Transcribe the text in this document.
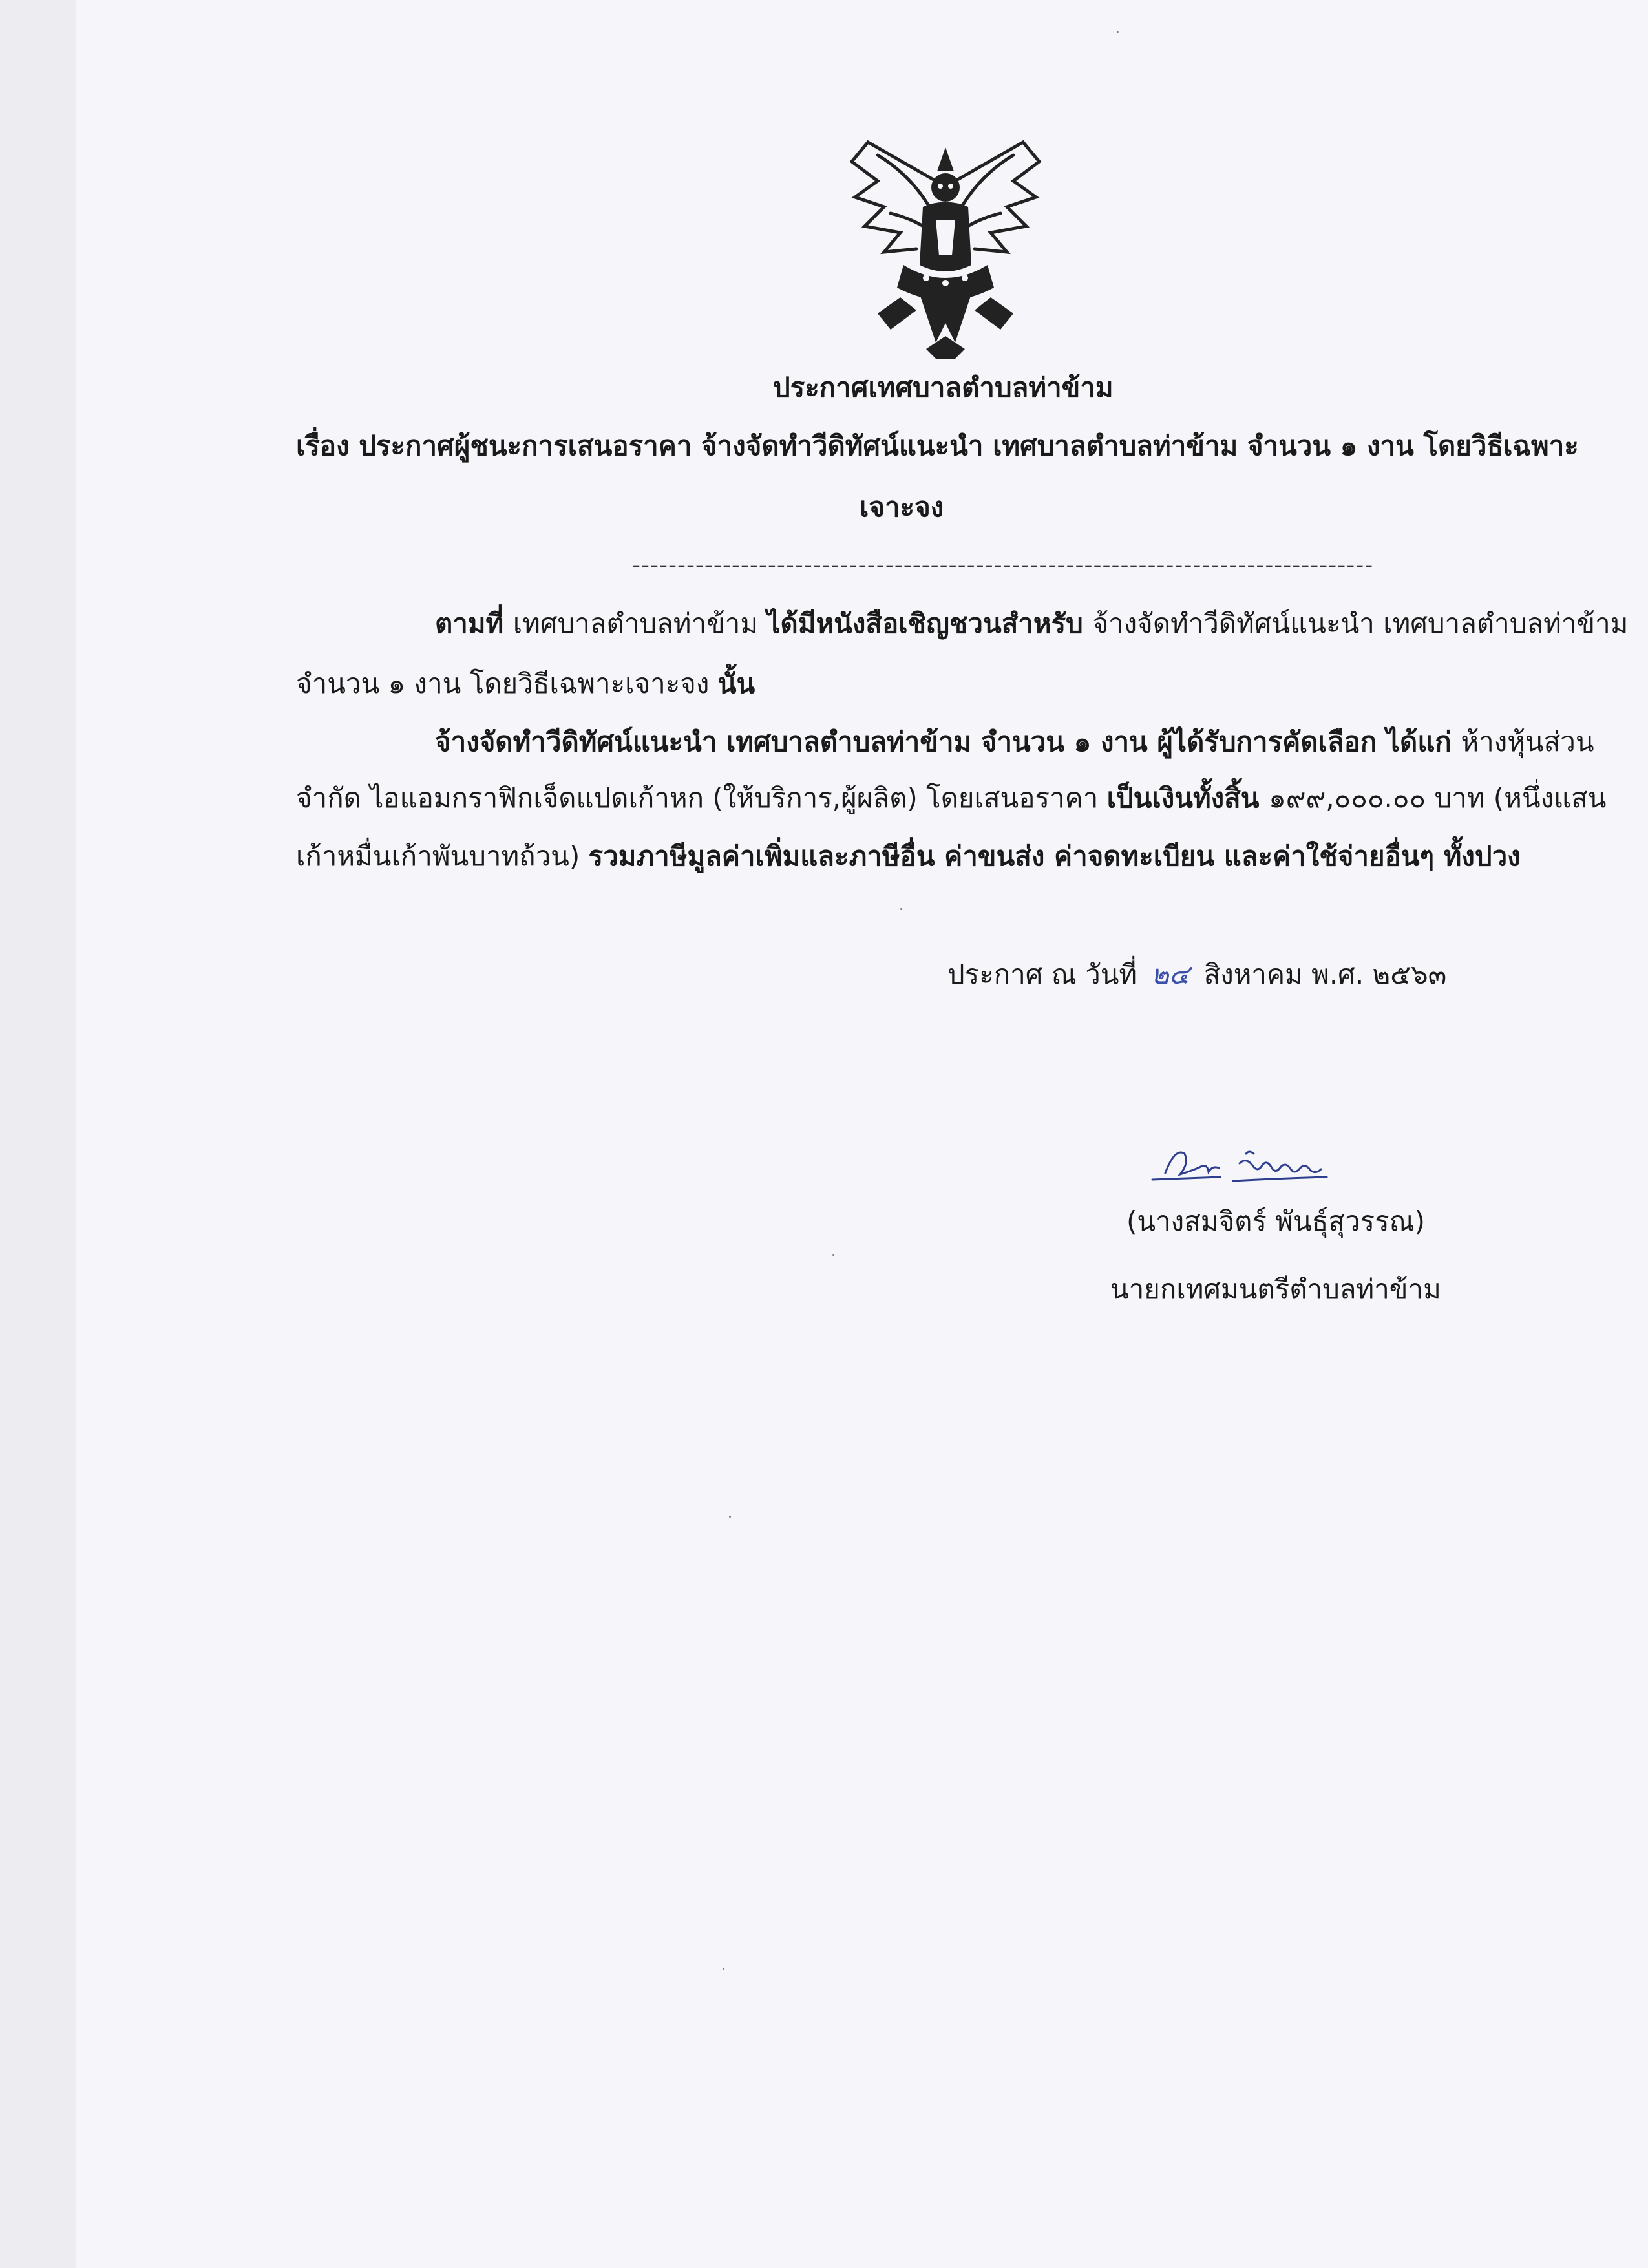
ประกาศเทศบาลตำบลท่าข้าม
เรื่อง ประกาศผู้ชนะการเสนอราคา จ้างจัดทำวีดิทัศน์แนะนำ เทศบาลตำบลท่าข้าม จำนวน ๑ งาน โดยวิธีเฉพาะ
เจาะจง
----------------------------------------------------------------------------------
ตามที่ เทศบาลตำบลท่าข้าม ได้มีหนังสือเชิญชวนสำหรับ จ้างจัดทำวีดิทัศน์แนะนำ เทศบาลตำบลท่าข้าม
จำนวน ๑ งาน โดยวิธีเฉพาะเจาะจง นั้น
จ้างจัดทำวีดิทัศน์แนะนำ เทศบาลตำบลท่าข้าม จำนวน ๑ งาน ผู้ได้รับการคัดเลือก ได้แก่ ห้างหุ้นส่วน
จำกัด ไอแอมกราฟิกเจ็ดแปดเก้าหก (ให้บริการ,ผู้ผลิต) โดยเสนอราคา เป็นเงินทั้งสิ้น ๑๙๙,๐๐๐.๐๐ บาท (หนึ่งแสน
เก้าหมื่นเก้าพันบาทถ้วน) รวมภาษีมูลค่าเพิ่มและภาษีอื่น ค่าขนส่ง ค่าจดทะเบียน และค่าใช้จ่ายอื่นๆ ทั้งปวง
ประกาศ ณ วันที่ ๒๔ สิงหาคม พ.ศ. ๒๕๖๓
(นางสมจิตร์ พันธุ์สุวรรณ)
นายกเทศมนตรีตำบลท่าข้าม
